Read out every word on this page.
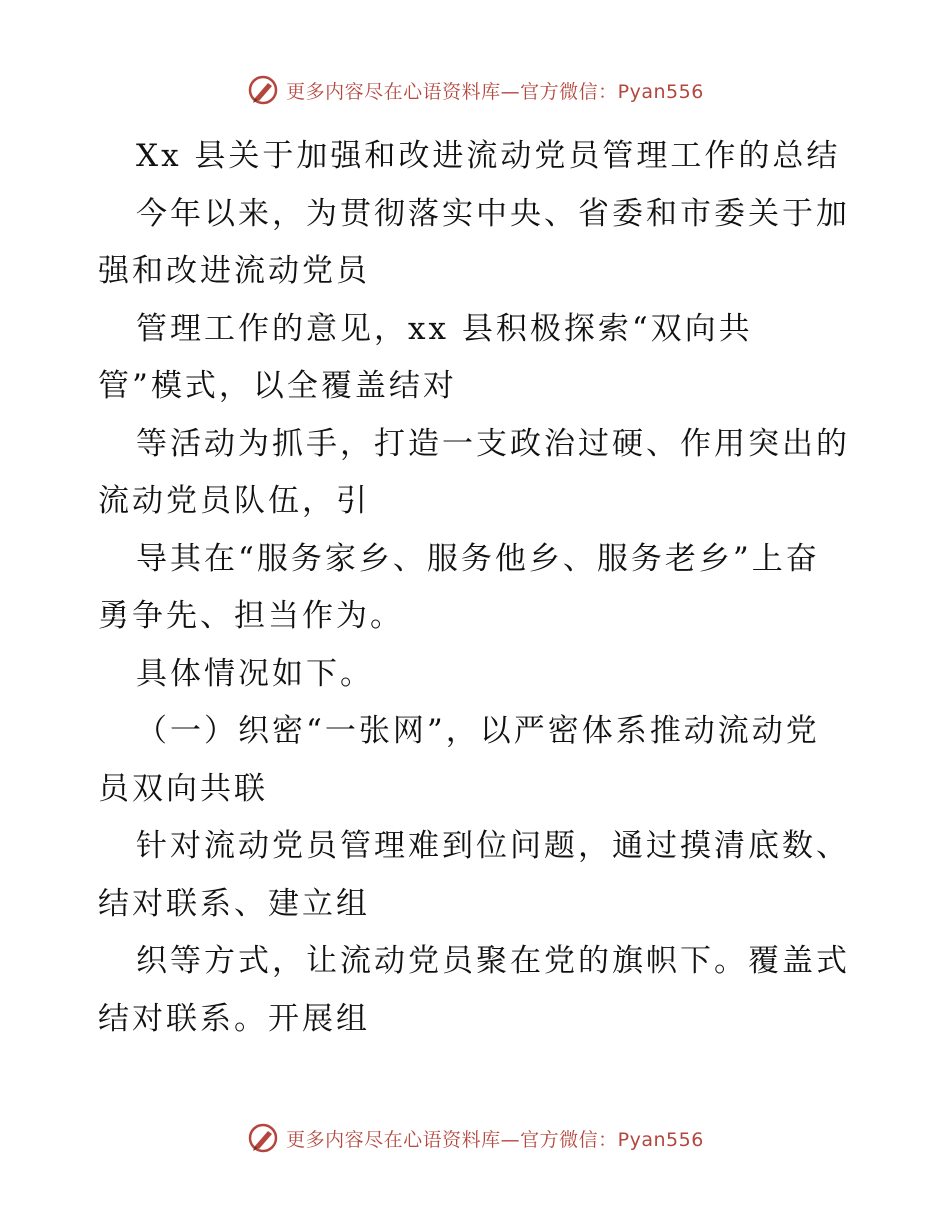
更多内容尽在心语资料库—官方微信：Pyan556
Xx 县关于加强和改进流动党员管理工作的总结
今年以来，为贯彻落实中央、省委和市委关于加
强和改进流动党员
管理工作的意见，xx 县积极探索“双向共
管”模式，以全覆盖结对
等活动为抓手，打造一支政治过硬、作用突出的
流动党员队伍，引
导其在“服务家乡、服务他乡、服务老乡”上奋
勇争先、担当作为。
具体情况如下。
（一）织密“一张网”，以严密体系推动流动党
员双向共联
针对流动党员管理难到位问题，通过摸清底数、
结对联系、建立组
织等方式，让流动党员聚在党的旗帜下。覆盖式
结对联系。开展组
更多内容尽在心语资料库—官方微信：Pyan556
